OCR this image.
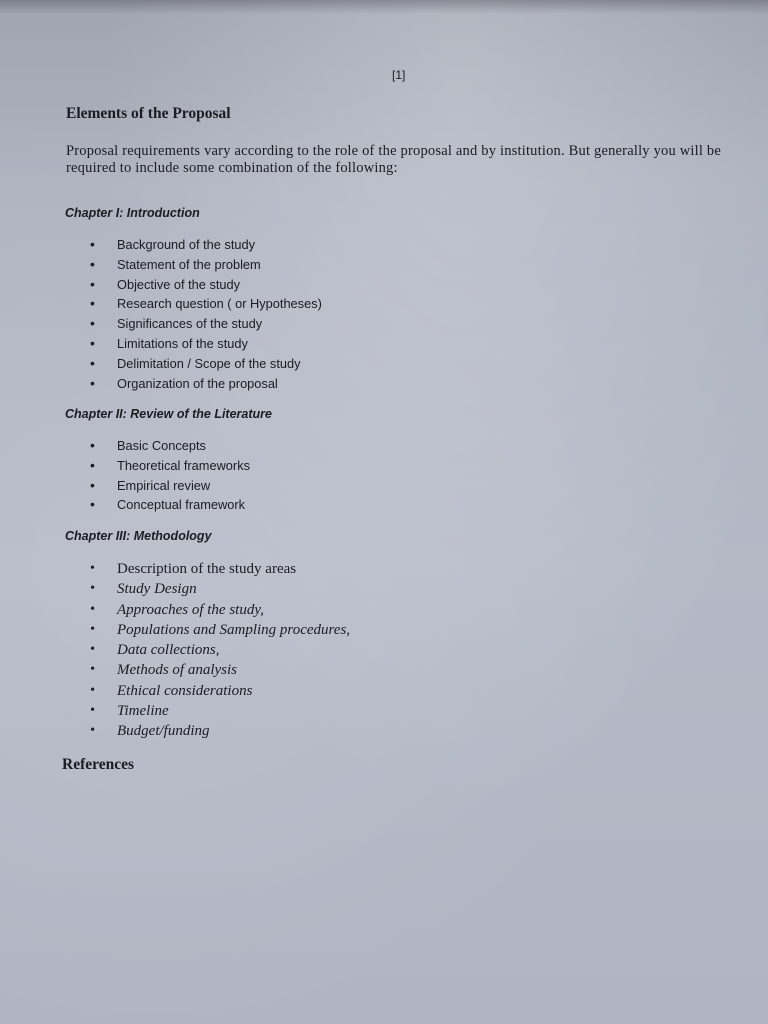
[1]
Elements of the Proposal

Proposal requirements vary according to the role of the proposal and by institution. But generally you will be required to include some combination of the following:

Chapter I: Introduction
• Background of the study
• Statement of the problem
• Objective of the study
• Research question ( or Hypotheses)
• Significances of the study
• Limitations of the study
• Delimitation / Scope of the study
• Organization of the proposal
Chapter II: Review of the Literature
• Basic Concepts
• Theoretical frameworks
• Empirical review
• Conceptual framework
Chapter III: Methodology
• Description of the study areas
• Study Design
• Approaches of the study,
• Populations and Sampling procedures,
• Data collections,
• Methods of analysis
• Ethical considerations
• Timeline
• Budget/funding
References
